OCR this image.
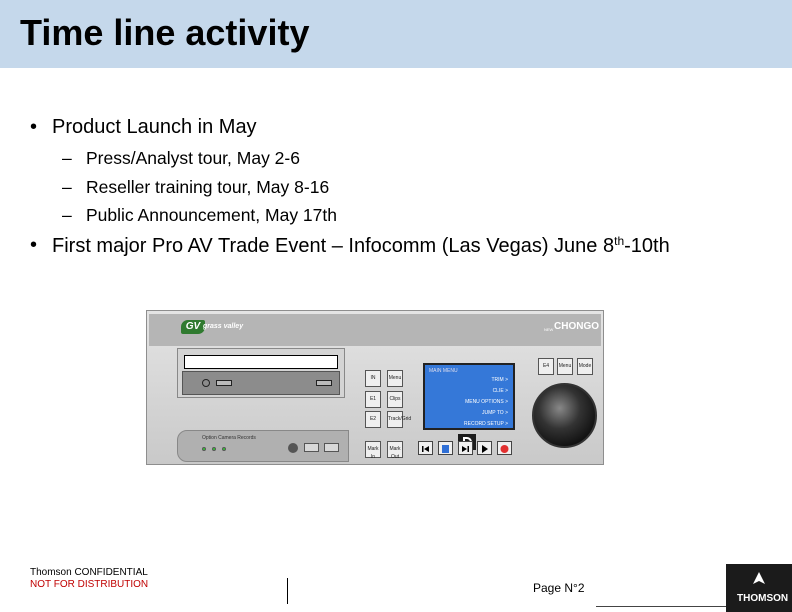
Time line activity
• Product Launch in May
– Press/Analyst tour, May 2-6
– Reseller training tour, May 8-16
– Public Announcement, May 17th
• First major Pro AV Trade Event – Infocomm (Las Vegas) June 8th-10th
GV grass valley	NEW CHONGO
Option Camera Records
IN	Menu
E1	Clips
E2	Track/Grid
Mark In
Mark Out
E4	Menu	Mode
MAIN MENU
TRIM >
CLIE >
MENU OPTIONS >
JUMP TO >
RECORD SETUP >
Thomson CONFIDENTIAL
NOT FOR DISTRIBUTION	Page N°2
THOMSON
